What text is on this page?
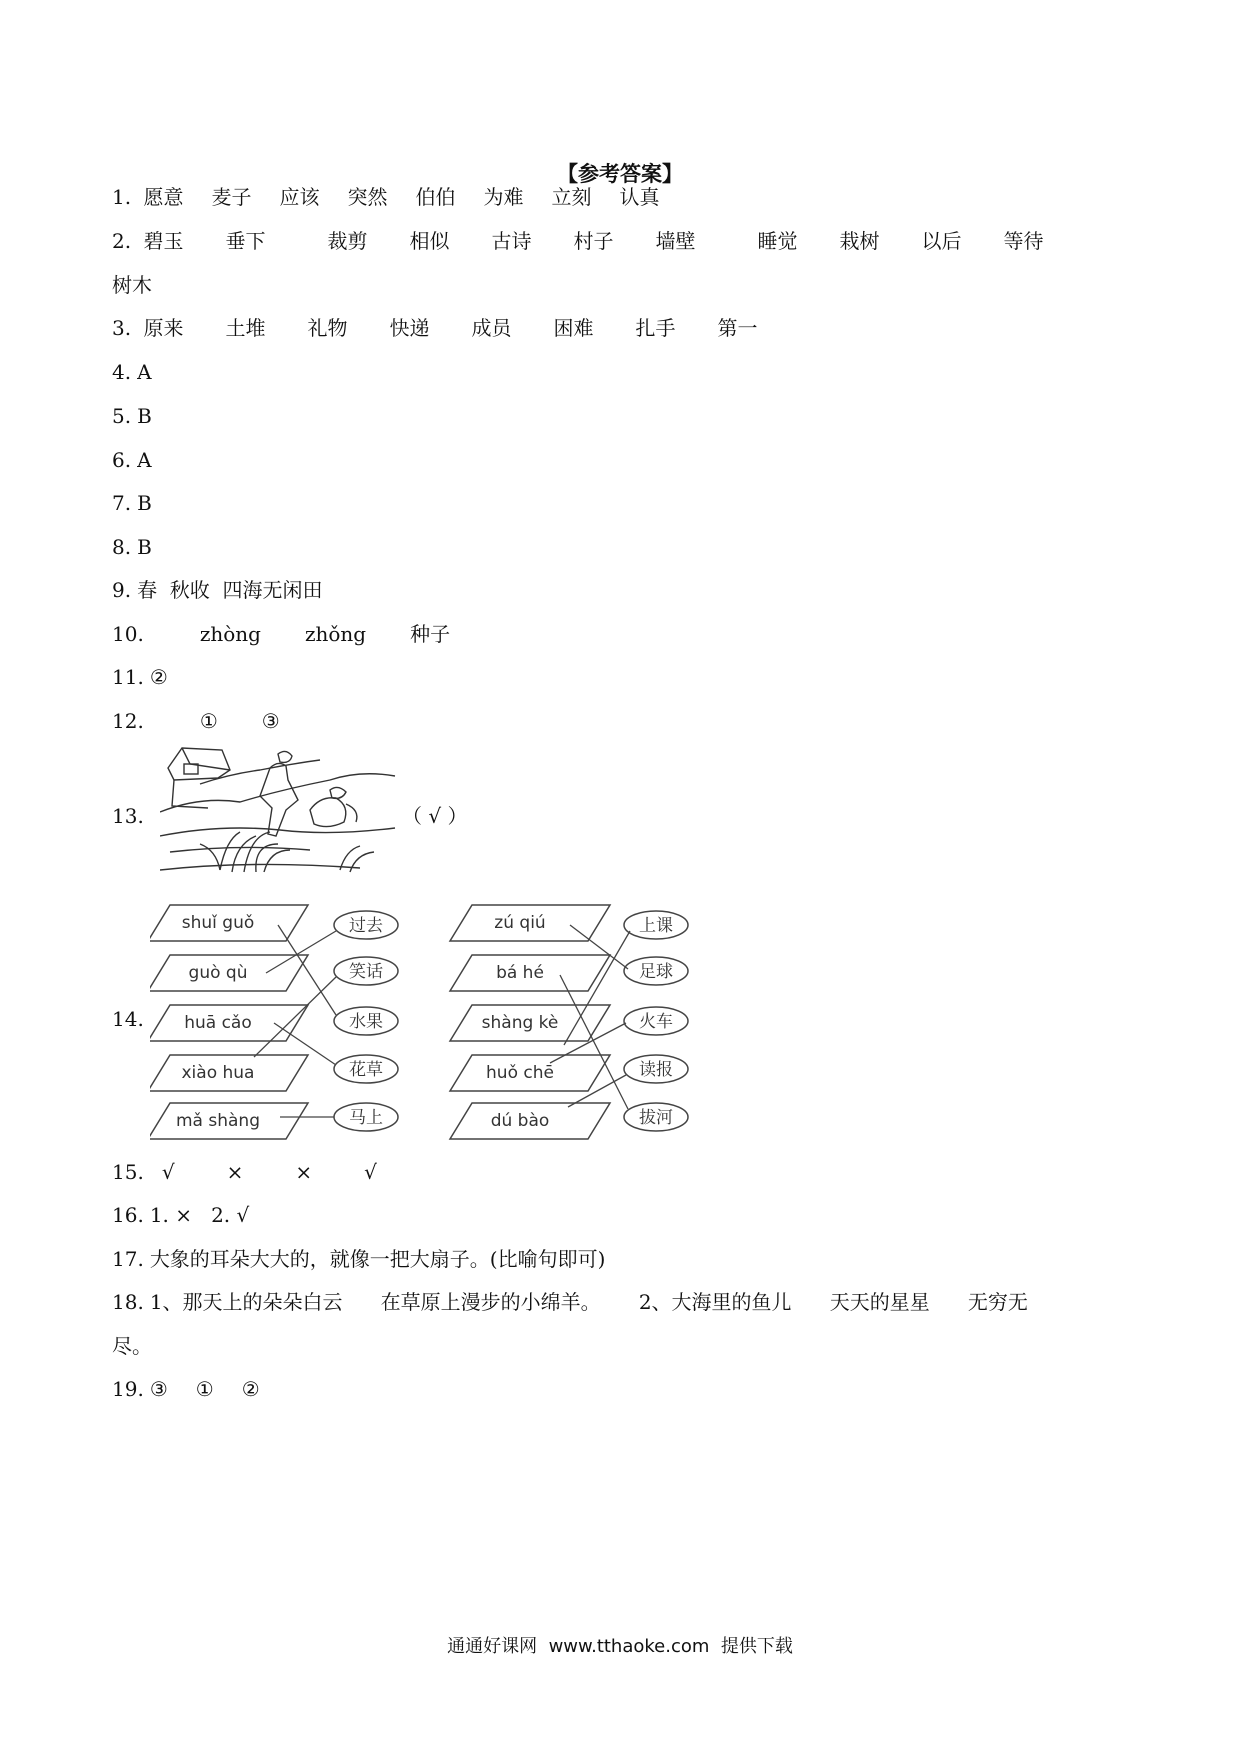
【参考答案】
1. 愿意 麦子 应该 突然 伯伯 为难 立刻 认真
2. 碧玉 垂下	裁剪 相似 古诗 村子 墙壁	睡觉 栽树 以后 等待
树木
3. 原来 土堆 礼物 快递 成员 困难 扎手 第一
4. A
5. B
6. A
7. B
8. B
9. 春  秋收  四海无闲田
10.	zhòng zhǒng 种子
11. ②
12.	① ③
13.	（ √ ）
14.
shuǐ guǒ
guò qù
huā cǎo
xiào hua
mǎ shàng
zú qiú
bá hé
shàng kè
huǒ chē
dú bào
过去
笑话
水果
花草
马上
上课
足球
火车
读报
拔河
15. √	×	×	√
16. 1. ×   2. √
17. 大象的耳朵大大的，就像一把大扇子。(比喻句即可)
18. 1、那天上的朵朵白云      在草原上漫步的小绵羊。      2、大海里的鱼儿      天天的星星      无穷无
尽。
19. ③ ① ②
通通好课网  www.tthaoke.com  提供下载
